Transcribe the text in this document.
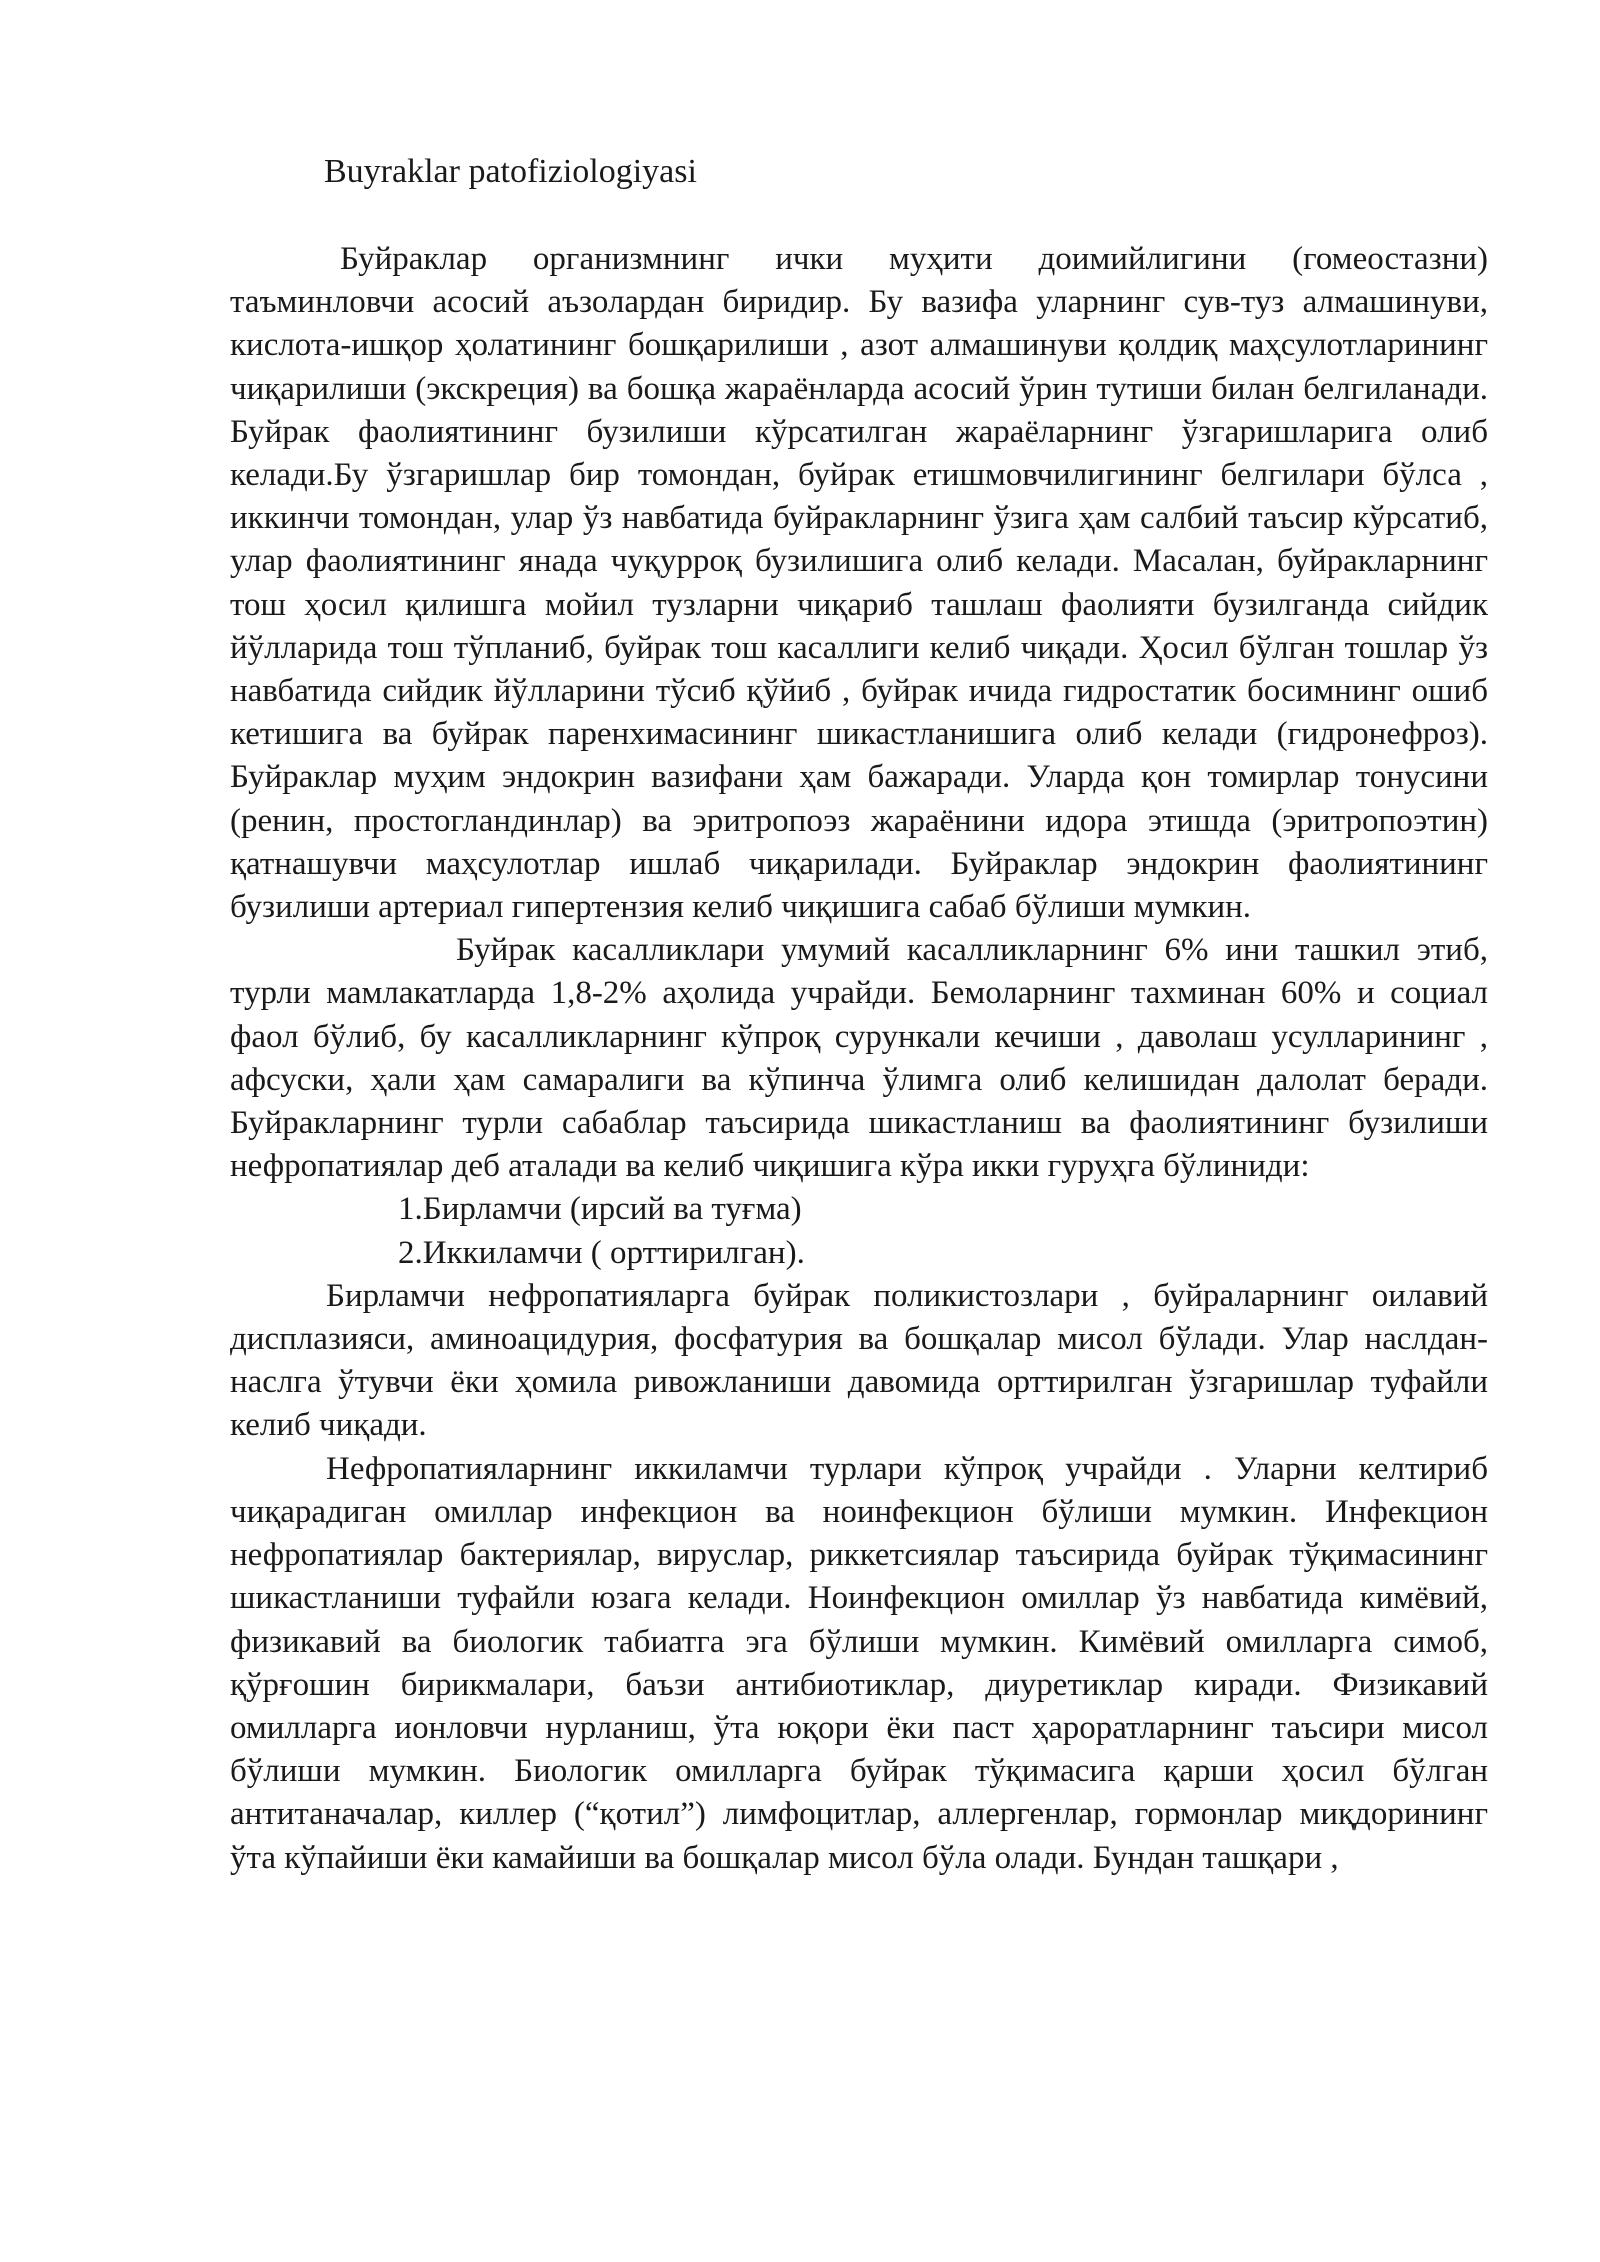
Buyraklar patofiziologiyasi

Буйраклар организмнинг ички муҳити доимийлигини (гомеостазни) таъминловчи асосий аъзолардан биридир. Бу вазифа уларнинг сув-туз алмашинуви, кислота-ишқор ҳолатининг бошқарилиши , азот алмашинуви қолдиқ маҳсулотларининг чиқарилиши (экскреция) ва бошқа жараёнларда асосий ўрин тутиши билан белгиланади. Буйрак фаолиятининг бузилиши кўрсатилган жараёларнинг ўзгаришларига олиб келади.Бу ўзгаришлар бир томондан, буйрак етишмовчилигининг белгилари бўлса , иккинчи томондан, улар ўз навбатида буйракларнинг ўзига ҳам салбий таъсир кўрсатиб, улар фаолиятининг янада чуқурроқ бузилишига олиб келади. Масалан, буйракларнинг тош ҳосил қилишга мойил тузларни чиқариб ташлаш фаолияти бузилганда сийдик йўлларида тош тўпланиб, буйрак тош касаллиги келиб чиқади. Ҳосил бўлган тошлар ўз навбатида сийдик йўлларини тўсиб қўйиб , буйрак ичида гидростатик босимнинг ошиб кетишига ва буйрак паренхимасининг шикастланишига олиб келади (гидронефроз). Буйраклар муҳим эндокрин вазифани ҳам бажаради. Уларда қон томирлар тонусини (ренин, простогландинлар) ва эритропоэз жараёнини идора этишда (эритропоэтин) қатнашувчи маҳсулотлар ишлаб чиқарилади. Буйраклар эндокрин фаолиятининг бузилиши артериал гипертензия келиб чиқишига сабаб бўлиши мумкин.

Буйрак касалликлари умумий касалликларнинг 6% ини ташкил этиб, турли мамлакатларда 1,8-2% аҳолида учрайди. Бемоларнинг тахминан 60% и социал фаол бўлиб, бу касалликларнинг кўпроқ сурункали кечиши , даволаш усулларининг , афсуски, ҳали ҳам самаралиги ва кўпинча ўлимга олиб келишидан далолат беради. Буйракларнинг турли сабаблар таъсирида шикастланиш ва фаолиятининг бузилиши нефропатиялар деб аталади ва келиб чиқишига кўра икки гуруҳга бўлиниди:

1.Бирламчи (ирсий ва туғма)

2.Иккиламчи ( орттирилган).

Бирламчи нефропатияларга буйрак поликистозлари , буйраларнинг оилавий дисплазияси, аминоацидурия, фосфатурия ва бошқалар мисол бўлади. Улар наслдан-наслга ўтувчи ёки ҳомила ривожланиши давомида орттирилган ўзгаришлар туфайли келиб чиқади.

Нефропатияларнинг иккиламчи турлари кўпроқ учрайди . Уларни келтириб чиқарадиган омиллар инфекцион ва ноинфекцион бўлиши мумкин. Инфекцион нефропатиялар бактериялар, вируслар, риккетсиялар таъсирида буйрак тўқимасининг шикастланиши туфайли юзага келади. Ноинфекцион омиллар ўз навбатида кимёвий, физикавий ва биологик табиатга эга бўлиши мумкин. Кимёвий омилларга симоб, қўрғошин бирикмалари, баъзи антибиотиклар, диуретиклар киради. Физикавий омилларга ионловчи нурланиш, ўта юқори ёки паст ҳароратларнинг таъсири мисол бўлиши мумкин. Биологик омилларга буйрак тўқимасига қарши ҳосил бўлган антитаначалар, киллер (“қотил”) лимфоцитлар, аллергенлар, гормонлар миқдорининг ўта кўпайиши ёки камайиши ва бошқалар мисол бўла олади. Бундан ташқари ,
